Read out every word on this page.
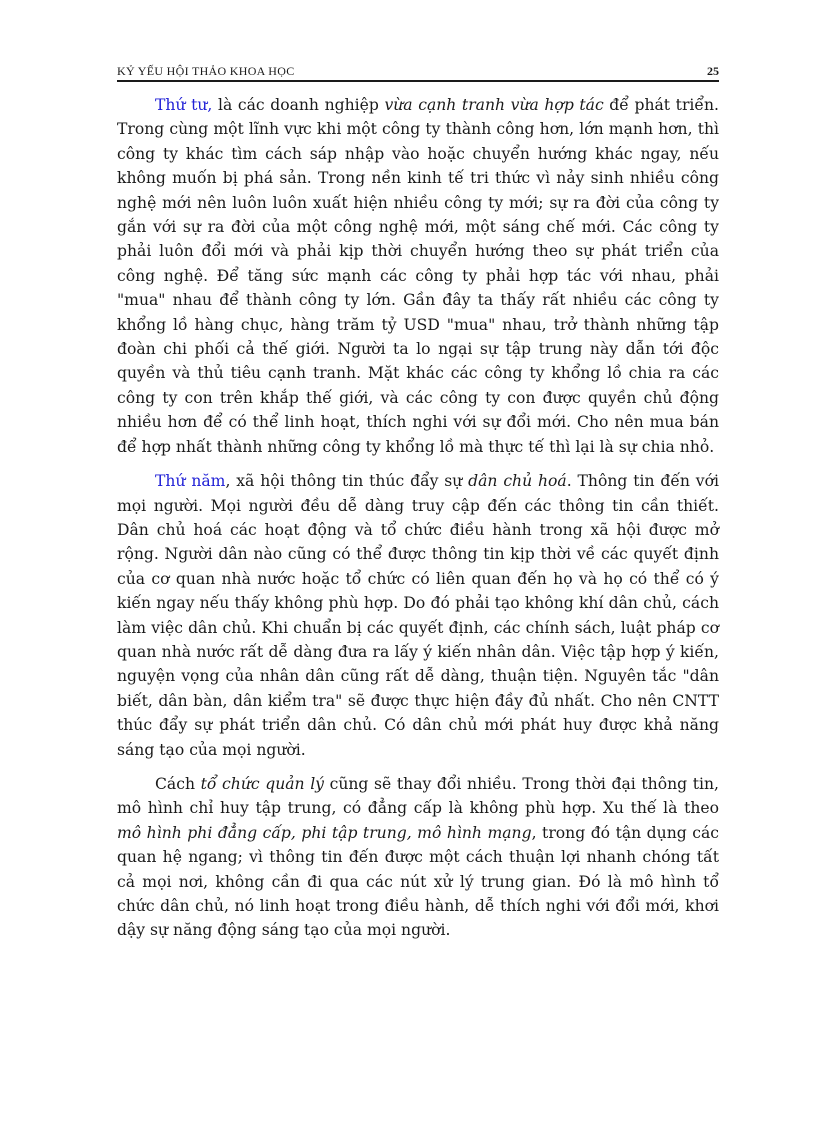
KỶ YẾU HỘI THẢO KHOA HỌC	25

Thứ tư, là các doanh nghiệp vừa cạnh tranh vừa hợp tác để phát triển. Trong cùng một lĩnh vực khi một công ty thành công hơn, lớn mạnh hơn, thì công ty khác tìm cách sáp nhập vào hoặc chuyển hướng khác ngay, nếu không muốn bị phá sản. Trong nền kinh tế tri thức vì nảy sinh nhiều công nghệ mới nên luôn luôn xuất hiện nhiều công ty mới; sự ra đời của công ty gắn với sự ra đời của một công nghệ mới, một sáng chế mới. Các công ty phải luôn đổi mới và phải kịp thời chuyển hướng theo sự phát triển của công nghệ. Để tăng sức mạnh các công ty phải hợp tác với nhau, phải "mua" nhau để thành công ty lớn. Gần đây ta thấy rất nhiều các công ty khổng lồ hàng chục, hàng trăm tỷ USD "mua" nhau, trở thành những tập đoàn chi phối cả thế giới. Người ta lo ngại sự tập trung này dẫn tới độc quyền và thủ tiêu cạnh tranh. Mặt khác các công ty khổng lồ chia ra các công ty con trên khắp thế giới, và các công ty con được quyền chủ động nhiều hơn để có thể linh hoạt, thích nghi với sự đổi mới. Cho nên mua bán để hợp nhất thành những công ty khổng lồ mà thực tế thì lại là sự chia nhỏ.

Thứ năm, xã hội thông tin thúc đẩy sự dân chủ hoá. Thông tin đến với mọi người. Mọi người đều dễ dàng truy cập đến các thông tin cần thiết. Dân chủ hoá các hoạt động và tổ chức điều hành trong xã hội được mở rộng. Người dân nào cũng có thể được thông tin kịp thời về các quyết định của cơ quan nhà nước hoặc tổ chức có liên quan đến họ và họ có thể có ý kiến ngay nếu thấy không phù hợp. Do đó phải tạo không khí dân chủ, cách làm việc dân chủ. Khi chuẩn bị các quyết định, các chính sách, luật pháp cơ quan nhà nước rất dễ dàng đưa ra lấy ý kiến nhân dân. Việc tập hợp ý kiến, nguyện vọng của nhân dân cũng rất dễ dàng, thuận tiện. Nguyên tắc "dân biết, dân bàn, dân kiểm tra" sẽ được thực hiện đầy đủ nhất. Cho nên CNTT thúc đẩy sự phát triển dân chủ. Có dân chủ mới phát huy được khả năng sáng tạo của mọi người.

Cách tổ chức quản lý cũng sẽ thay đổi nhiều. Trong thời đại thông tin, mô hình chỉ huy tập trung, có đẳng cấp là không phù hợp. Xu thế là theo mô hình phi đẳng cấp, phi tập trung, mô hình mạng, trong đó tận dụng các quan hệ ngang; vì thông tin đến được một cách thuận lợi nhanh chóng tất cả mọi nơi, không cần đi qua các nút xử lý trung gian. Đó là mô hình tổ chức dân chủ, nó linh hoạt trong điều hành, dễ thích nghi với đổi mới, khơi dậy sự năng động sáng tạo của mọi người.
